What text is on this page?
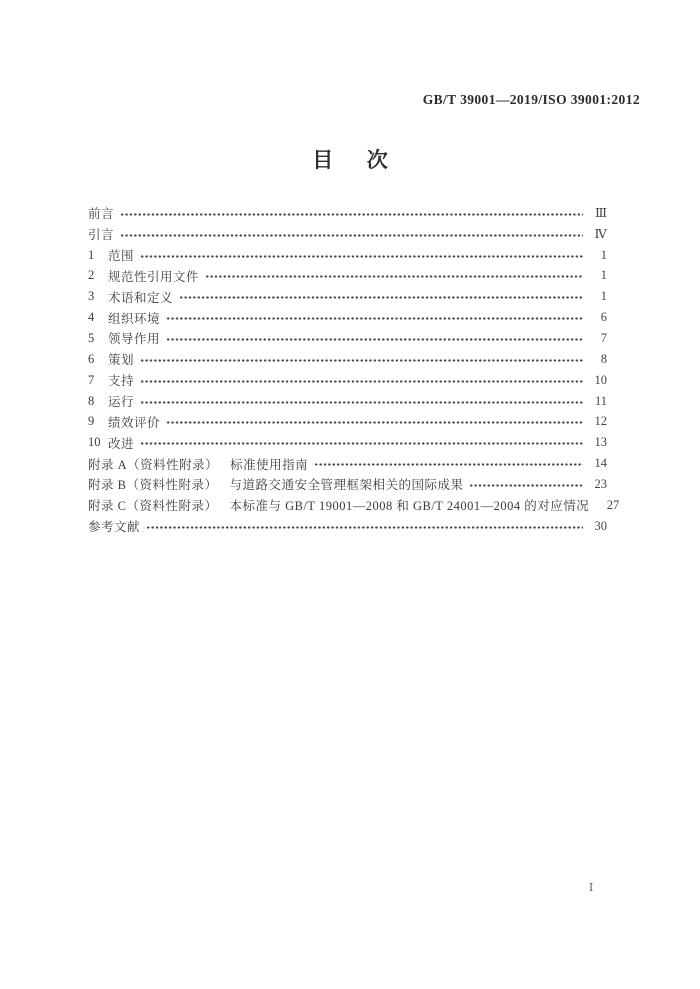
GB/T 39001—2019/ISO 39001:2012
目　次
前言	Ⅲ
引言	Ⅳ
1	范围	1
2	规范性引用文件	1
3	术语和定义	1
4	组织环境	6
5	领导作用	7
6	策划	8
7	支持	10
8	运行	11
9	绩效评价	12
10 改进	13
附录 A（资料性附录） 标准使用指南	14
附录 B（资料性附录） 与道路交通安全管理框架相关的国际成果	23
附录 C（资料性附录） 本标准与 GB/T 19001—2008 和 GB/T 24001—2004 的对应情况	27
参考文献	30
Ⅰ
